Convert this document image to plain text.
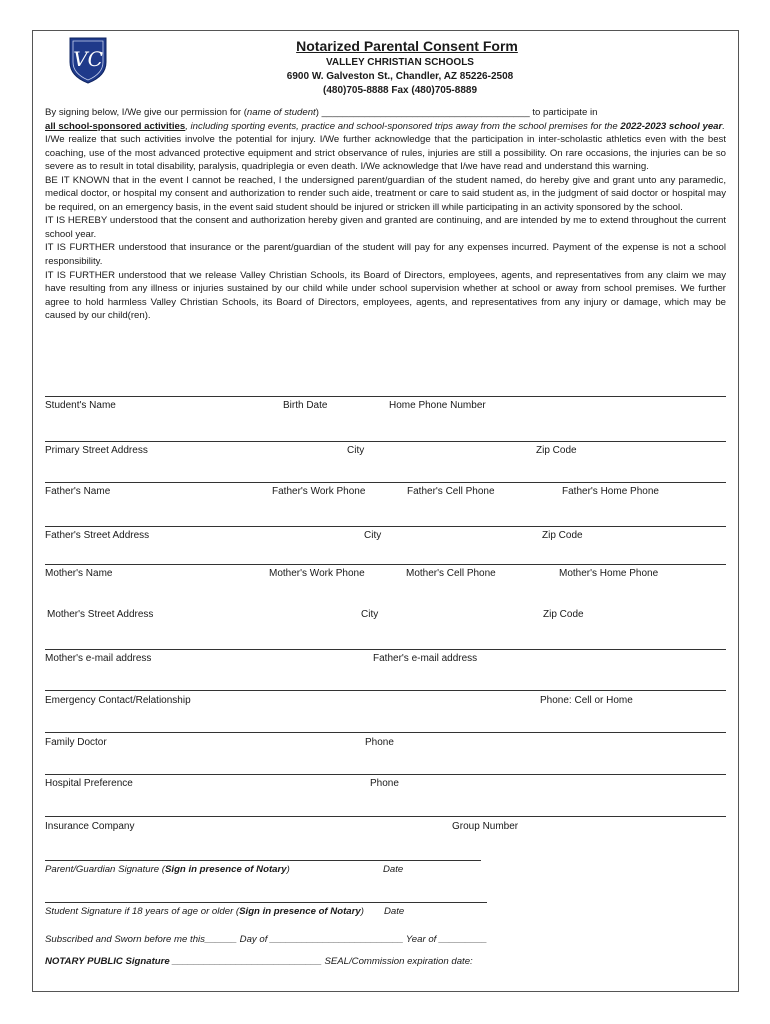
VC
Notarized Parental Consent Form
VALLEY CHRISTIAN SCHOOLS
6900 W. Galveston St., Chandler, AZ 85226-2508
(480)705-8888 Fax (480)705-8889

By signing below, I/We give our permission for (name of student) _______________________________________ to participate in
all school-sponsored activities, including sporting events, practice and school-sponsored trips away from the school premises for the 2022-2023 school year.

I/We realize that such activities involve the potential for injury. I/We further acknowledge that the participation in inter-scholastic athletics even with the best coaching, use of the most advanced protective equipment and strict observance of rules, injuries are still a possibility. On rare occasions, the injuries can be so severe as to result in total disability, paralysis, quadriplegia or even death. I/We acknowledge that I/we have read and understand this warning.

BE IT KNOWN that in the event I cannot be reached, I the undersigned parent/guardian of the student named, do hereby give and grant unto any paramedic, medical doctor, or hospital my consent and authorization to render such aide, treatment or care to said student as, in the judgment of said doctor or hospital may be required, on an emergency basis, in the event said student should be injured or stricken ill while participating in an activity sponsored by the school.

IT IS HEREBY understood that the consent and authorization hereby given and granted are continuing, and are intended by me to extend throughout the current school year.

IT IS FURTHER understood that insurance or the parent/guardian of the student will pay for any expenses incurred. Payment of the expense is not a school responsibility.

IT IS FURTHER understood that we release Valley Christian Schools, its Board of Directors, employees, agents, and representatives from any claim we may have resulting from any illness or injuries sustained by our child while under school supervision whether at school or away from school premises. We further agree to hold harmless Valley Christian Schools, its Board of Directors, employees, agents, and representatives from any injury or damage, which may be caused by our child(ren).

Student's Name	Birth Date	Home Phone Number
Primary Street Address	City	Zip Code
Father's Name	Father's Work Phone	Father's Cell Phone	Father's Home Phone
Father's Street Address	City	Zip Code
Mother's Name	Mother's Work Phone	Mother's Cell Phone	Mother's Home Phone
Mother's Street Address	City	Zip Code
Mother's e-mail address	Father's e-mail address
Emergency Contact/Relationship	Phone: Cell or Home
Family Doctor	Phone
Hospital Preference	Phone
Insurance Company	Group Number
Parent/Guardian Signature (Sign in presence of Notary)	Date
Student Signature if 18 years of age or older (Sign in presence of Notary) Date
Subscribed and Sworn before me this______ Day of _________________________ Year of _________
NOTARY PUBLIC Signature ____________________________ SEAL/Commission expiration date:
